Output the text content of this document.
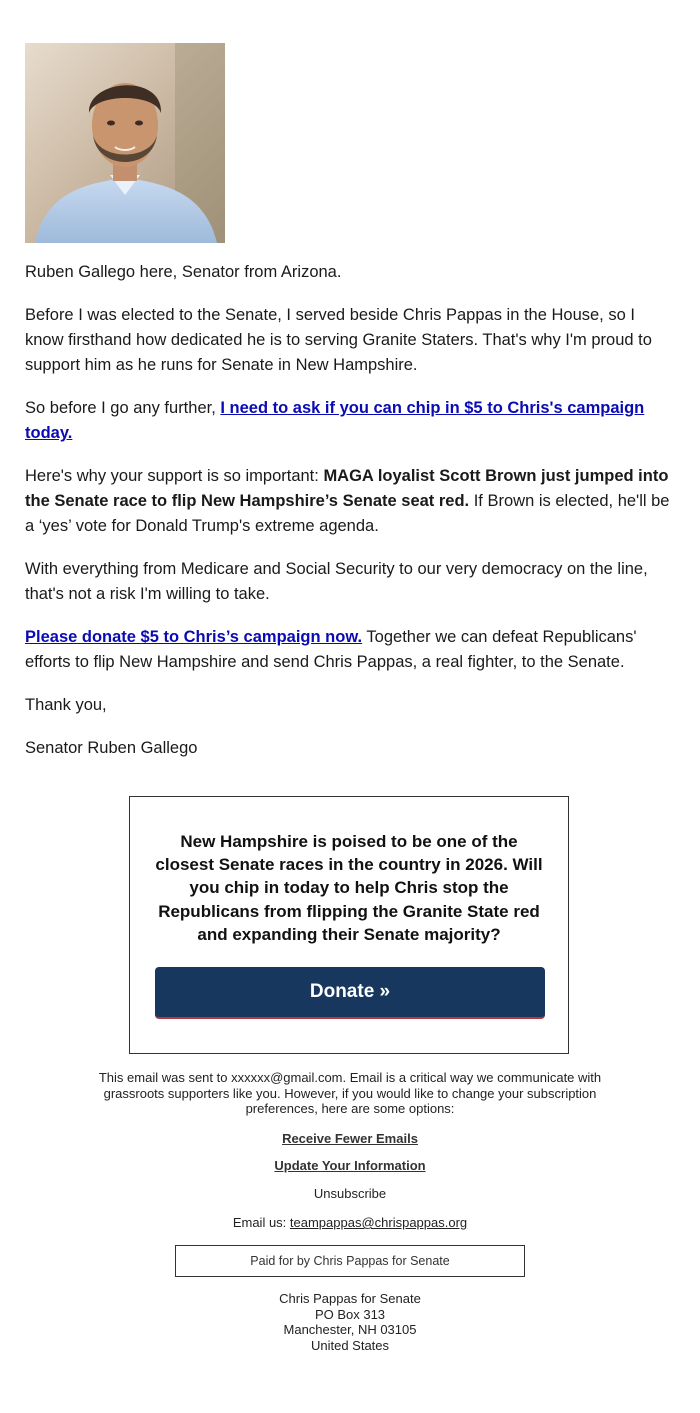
Ruben Gallego here, Senator from Arizona.

Before I was elected to the Senate, I served beside Chris Pappas in the House, so I know firsthand how dedicated he is to serving Granite Staters. That's why I'm proud to support him as he runs for Senate in New Hampshire.

So before I go any further, I need to ask if you can chip in $5 to Chris's campaign today.

Here's why your support is so important: MAGA loyalist Scott Brown just jumped into the Senate race to flip New Hampshire’s Senate seat red. If Brown is elected, he'll be a ‘yes’ vote for Donald Trump's extreme agenda.

With everything from Medicare and Social Security to our very democracy on the line, that's not a risk I'm willing to take.

Please donate $5 to Chris’s campaign now. Together we can defeat Republicans' efforts to flip New Hampshire and send Chris Pappas, a real fighter, to the Senate.

Thank you,

Senator Ruben Gallego

New Hampshire is poised to be one of the closest Senate races in the country in 2026. Will you chip in today to help Chris stop the Republicans from flipping the Granite State red and expanding their Senate majority?
Donate »
This email was sent to xxxxxx@gmail.com. Email is a critical way we communicate with grassroots supporters like you. However, if you would like to change your subscription preferences, here are some options:
Receive Fewer Emails
Update Your Information
Unsubscribe
Email us: teampappas@chrispappas.org
Paid for by Chris Pappas for Senate
Chris Pappas for Senate
PO Box 313
Manchester, NH 03105
United States
